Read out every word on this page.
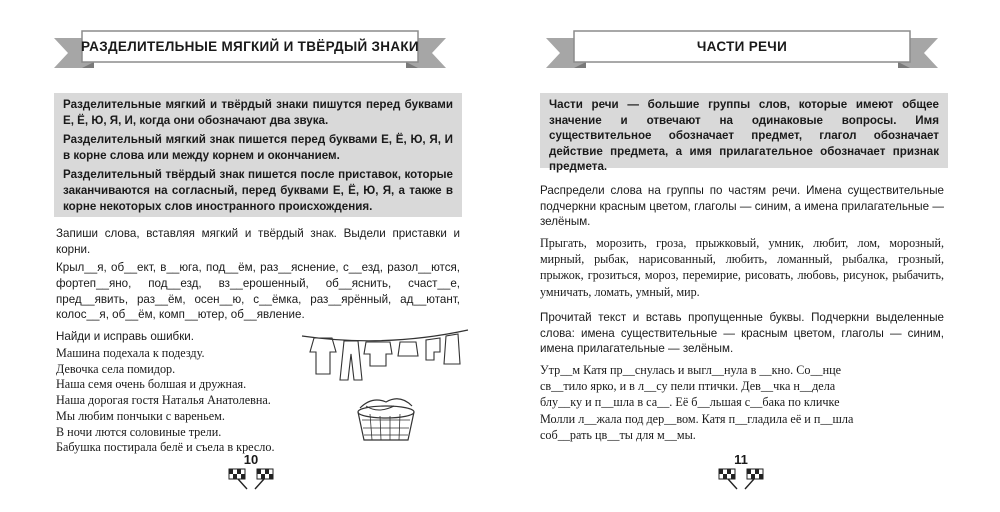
РАЗДЕЛИТЕЛЬНЫЕ МЯГКИЙ И ТВЁРДЫЙ ЗНАКИ

Разделительные мягкий и твёрдый знаки пишутся перед буквами Е, Ё, Ю, Я, И, когда они обозначают два звука.

Разделительный мягкий знак пишется перед буквами Е, Ё, Ю, Я, И в корне слова или между корнем и окончанием.

Разделительный твёрдый знак пишется после приставок, которые заканчиваются на согласный, перед буквами Е, Ё, Ю, Я, а также в корне некоторых слов иностранного происхождения.

Запиши слова, вставляя мягкий и твёрдый знак. Выдели приставки и корни.
Крыл__я, об__ект, в__юга, под__ём, раз__яснение, с__езд, разол__ются, фортеп__яно, под__езд, вз__ерошенный, об__яснить, счаст__е, пред__явить, раз__ём, осен__ю, с__ёмка, раз__ярённый, ад__ютант, колос__я, об__ём, комп__ютер, об__явление.
Найди и исправь ошибки.
Машина подехала к подезду.
Девочка села помидор.
Наша семя очень болшая и дружная.
Наша дорогая гостя Наталья Анатолевна.
Мы любим пончыки с вареньем.
В ночи лются соловиные трели.
Бабушка постирала белё и съела в кресло.
10
ЧАСТИ РЕЧИ

Части речи — большие группы слов, которые имеют общее значение и отвечают на одинаковые вопросы. Имя существительное обозначает предмет, глагол обозначает действие предмета, а имя прилагательное обозначает признак предмета.

Распредели слова на группы по частям речи. Имена существительные подчеркни красным цветом, глаголы — синим, а имена прилагательные — зелёным.
Прыгать, морозить, гроза, прыжковый, умник, любит, лом, морозный, мирный, рыбак, нарисованный, любить, ломанный, рыбалка, грозный, прыжок, грозиться, мороз, перемирие, рисовать, любовь, рисунок, рыбачить, умничать, ломать, умный, мир.
Прочитай текст и вставь пропущенные буквы. Подчеркни выделенные слова: имена существительные — красным цветом, глаголы — синим, имена прилагательные — зелёным.
Утр__м Катя пр__снулась и выгл__нула в __кно. Со__нце
св__тило ярко, и в л__су пели птички. Дев__чка н__дела
блу__ку и п__шла в са__. Её б__льшая с__бака по кличке
Молли л__жала под дер__вом. Катя п__гладила её и п__шла
соб__рать цв__ты для м__мы.
11
